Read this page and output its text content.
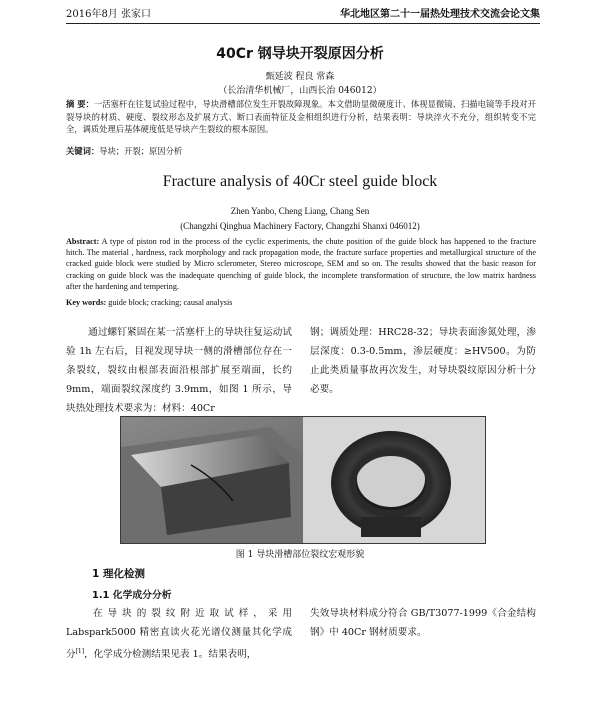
2016年8月 张家口	华北地区第二十一届热处理技术交流会论文集
40Cr 钢导块开裂原因分析
甄延波 程良 常森
（长治清华机械厂，山西长治 046012）
摘 要：一活塞杆在往复试验过程中，导块滑槽部位发生开裂故障现象。本文借助显微硬度计、体视显微镜、扫描电镜等手段对开裂导块的材质、硬度、裂纹形态及扩展方式、断口表面特征及金相组织进行分析，结果表明：导块淬火不充分，组织转变不完全，调质处理后基体硬度低是导块产生裂纹的根本原因。
关键词：导块；开裂；原因分析
Fracture analysis of 40Cr steel guide block
Zhen Yanbo, Cheng Liang, Chang Sen
(Changzhi Qinghua Machinery Factory, Changzhi Shanxi 046012)
Abstract: A type of piston rod in the process of the cyclic experiments, the chute position of the guide block has happened to the fracture hitch. The material , hardness, rack morphology and rack propagation mode, the fracture surface properties and metallurgical structure of the cracked guide block were studied by Micro sclerometer, Stereo microscope, SEM and so on. The results showed that the basic reason for cracking on guide block was the inadequate quenching of guide block, the incomplete transformation of structure, the low matrix hardness after the hardening and tempering.
Key words: guide block; cracking; causal analysis
通过螺钉紧固在某一活塞杆上的导块往复运动试验 1h 左右后，目视发现导块一侧的滑槽部位存在一条裂纹，裂纹由根部表面沿根部扩展至端面，长约 9mm，端面裂纹深度约 3.9mm，如图 1 所示，导块热处理技术要求为：材料：40Cr
钢；调质处理：HRC28-32；导块表面渗氮处理，渗层深度：0.3-0.5mm，渗层硬度：≥HV500。为防止此类质量事故再次发生，对导块裂纹原因分析十分必要。
图 1 导块滑槽部位裂纹宏观形貌
1 理化检测
1.1 化学成分分析
在导块的裂纹附近取试样，采用 Labspark5000 精密直读火花光谱仪测量其化学成分[1]，化学成分检测结果见表 1。结果表明，
失效导块材料成分符合 GB/T3077-1999《合金结构钢》中 40Cr 钢材质要求。
